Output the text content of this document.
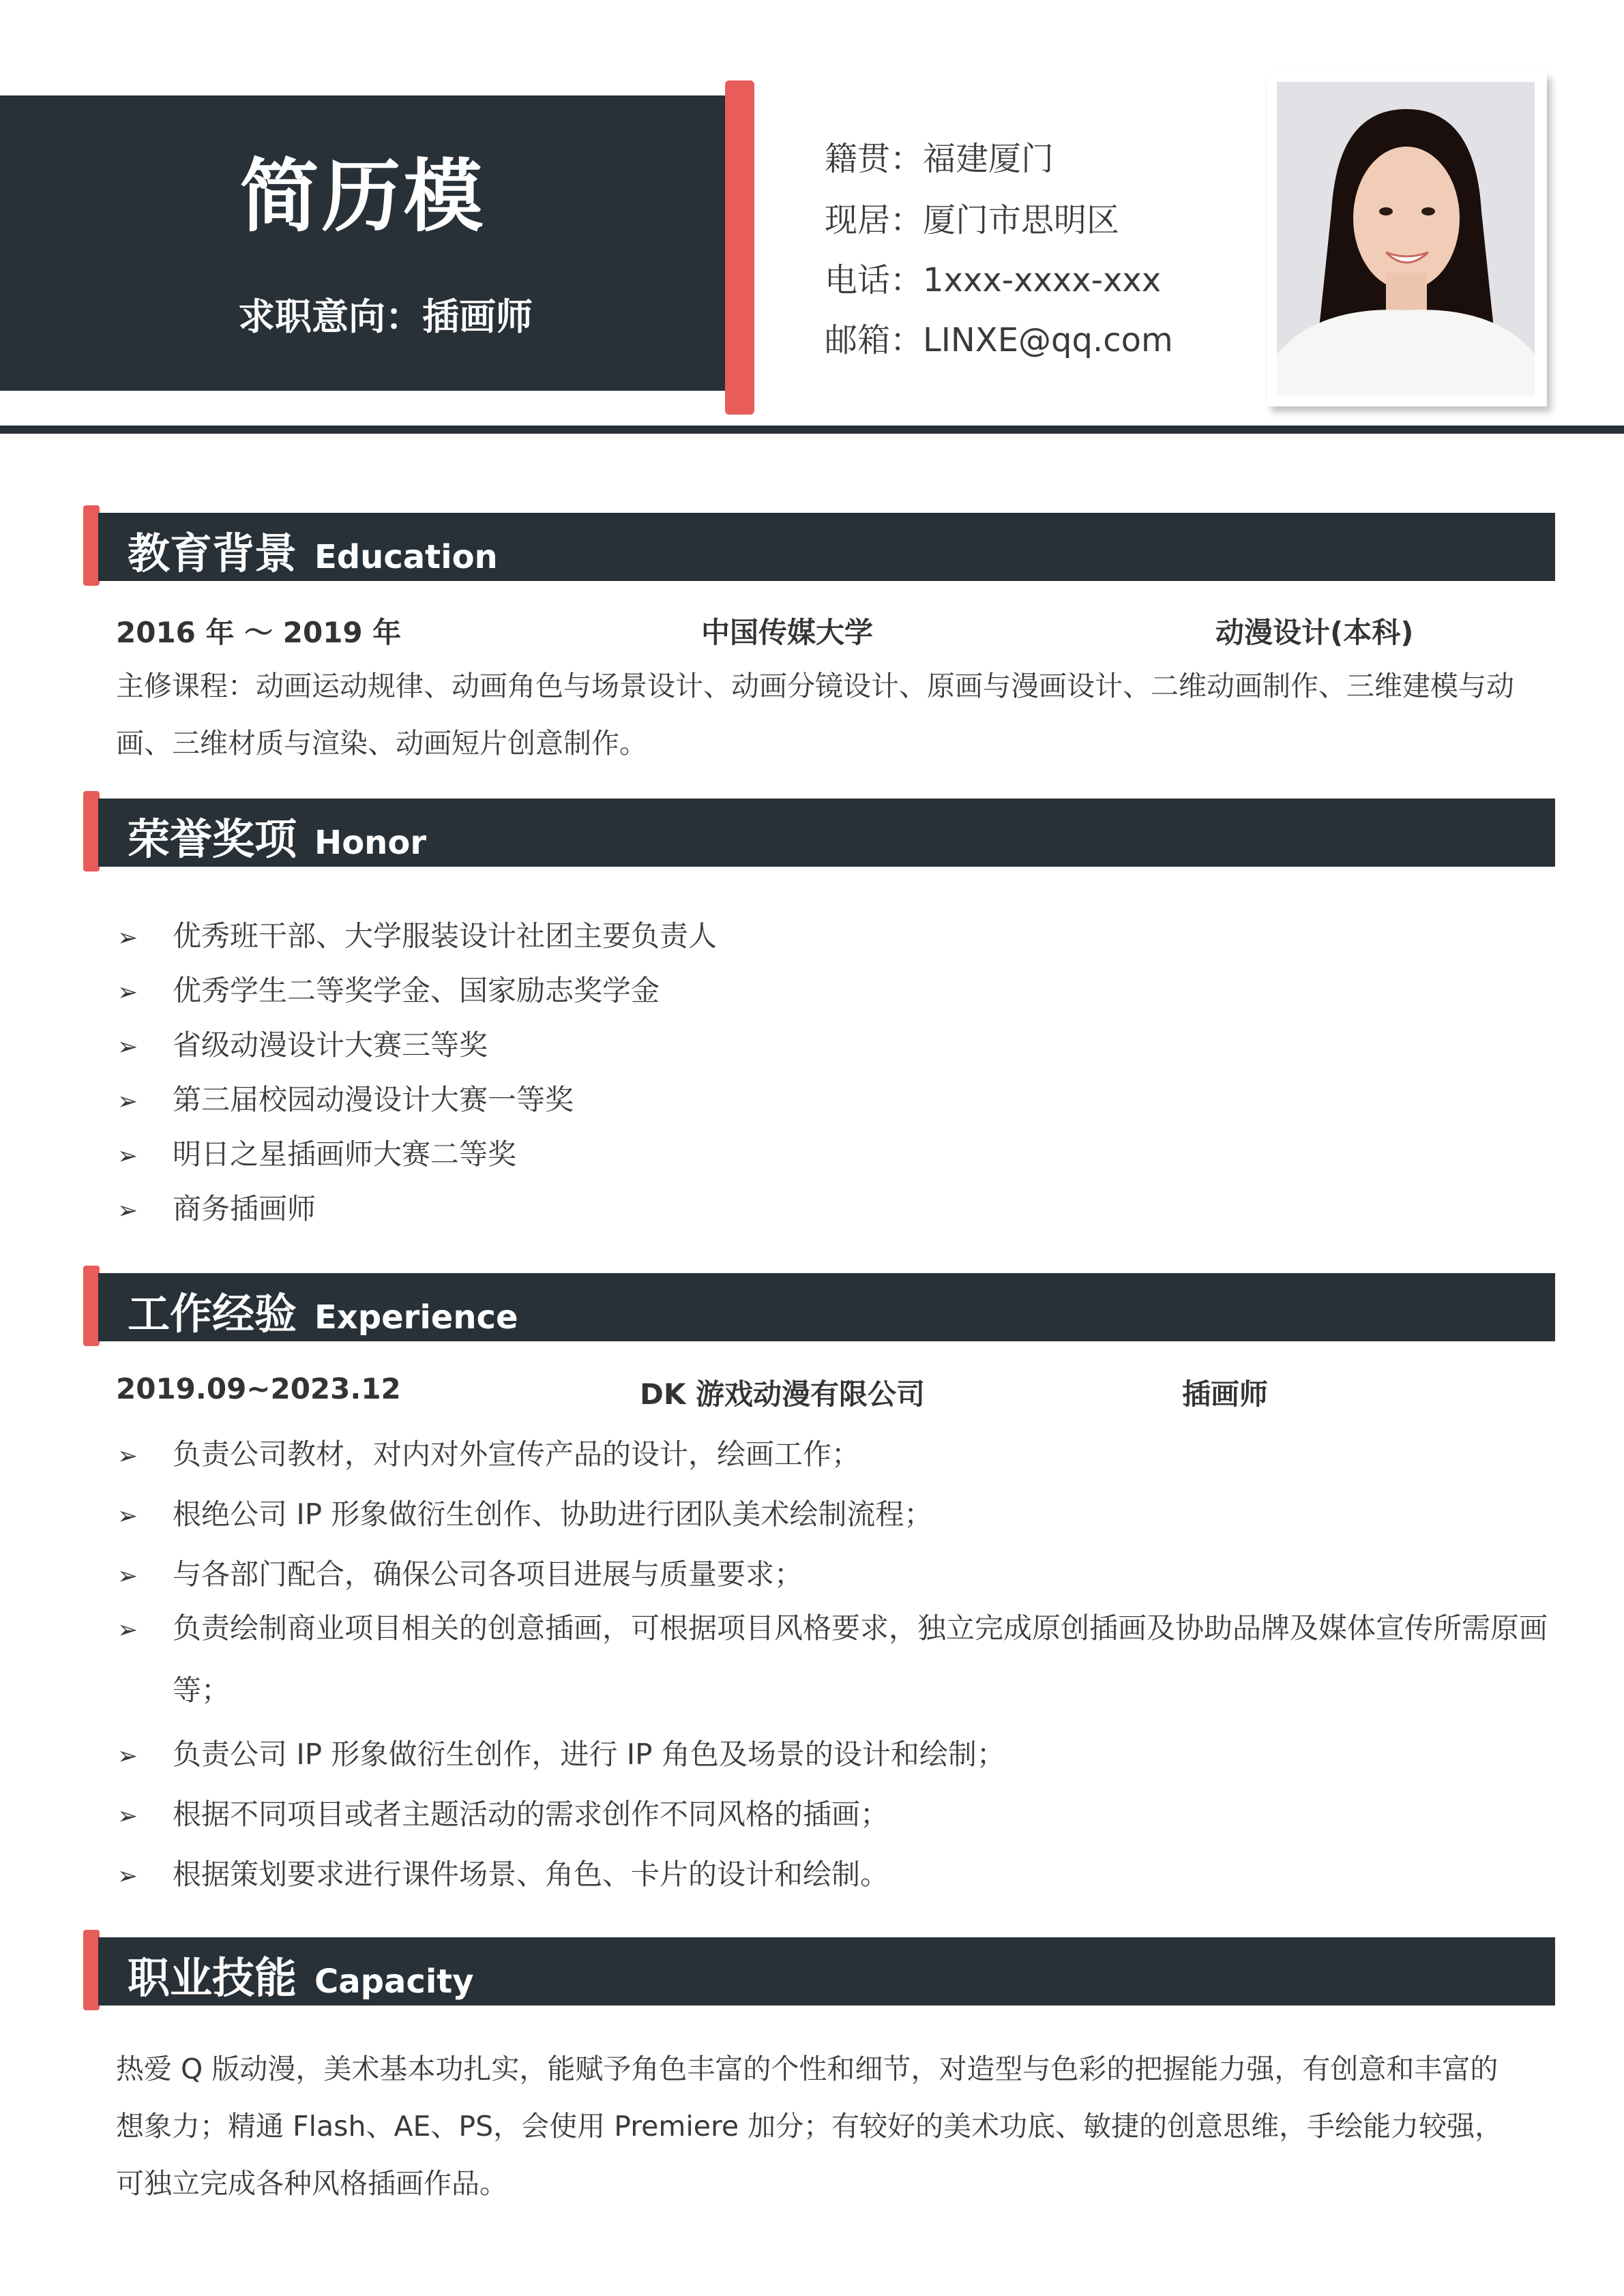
简历模
求职意向：插画师
籍贯：福建厦门
现居：厦门市思明区
电话：1xxx-xxxx-xxx
邮箱：LINXE@qq.com
教育背景 Education
2016 年 ～ 2019 年	中国传媒大学	动漫设计(本科)
主修课程：动画运动规律、动画角色与场景设计、动画分镜设计、原画与漫画设计、二维动画制作、三维建模与动画、三维材质与渲染、动画短片创意制作。
荣誉奖项 Honor
➢ 优秀班干部、大学服装设计社团主要负责人
➢ 优秀学生二等奖学金、国家励志奖学金
➢ 省级动漫设计大赛三等奖
➢ 第三届校园动漫设计大赛一等奖
➢ 明日之星插画师大赛二等奖
➢ 商务插画师
工作经验 Experience
2019.09~2023.12	DK 游戏动漫有限公司	插画师
➢ 负责公司教材，对内对外宣传产品的设计，绘画工作；
➢ 根绝公司 IP 形象做衍生创作、协助进行团队美术绘制流程；
➢ 与各部门配合，确保公司各项目进展与质量要求；
➢ 负责绘制商业项目相关的创意插画，可根据项目风格要求，独立完成原创插画及协助品牌及媒体宣传所需原画等；
➢ 负责公司 IP 形象做衍生创作，进行 IP 角色及场景的设计和绘制；
➢ 根据不同项目或者主题活动的需求创作不同风格的插画；
➢ 根据策划要求进行课件场景、角色、卡片的设计和绘制。
职业技能 Capacity
热爱 Q 版动漫，美术基本功扎实，能赋予角色丰富的个性和细节，对造型与色彩的把握能力强，有创意和丰富的想象力；精通 Flash、AE、PS，会使用 Premiere 加分；有较好的美术功底、敏捷的创意思维，手绘能力较强，可独立完成各种风格插画作品。
